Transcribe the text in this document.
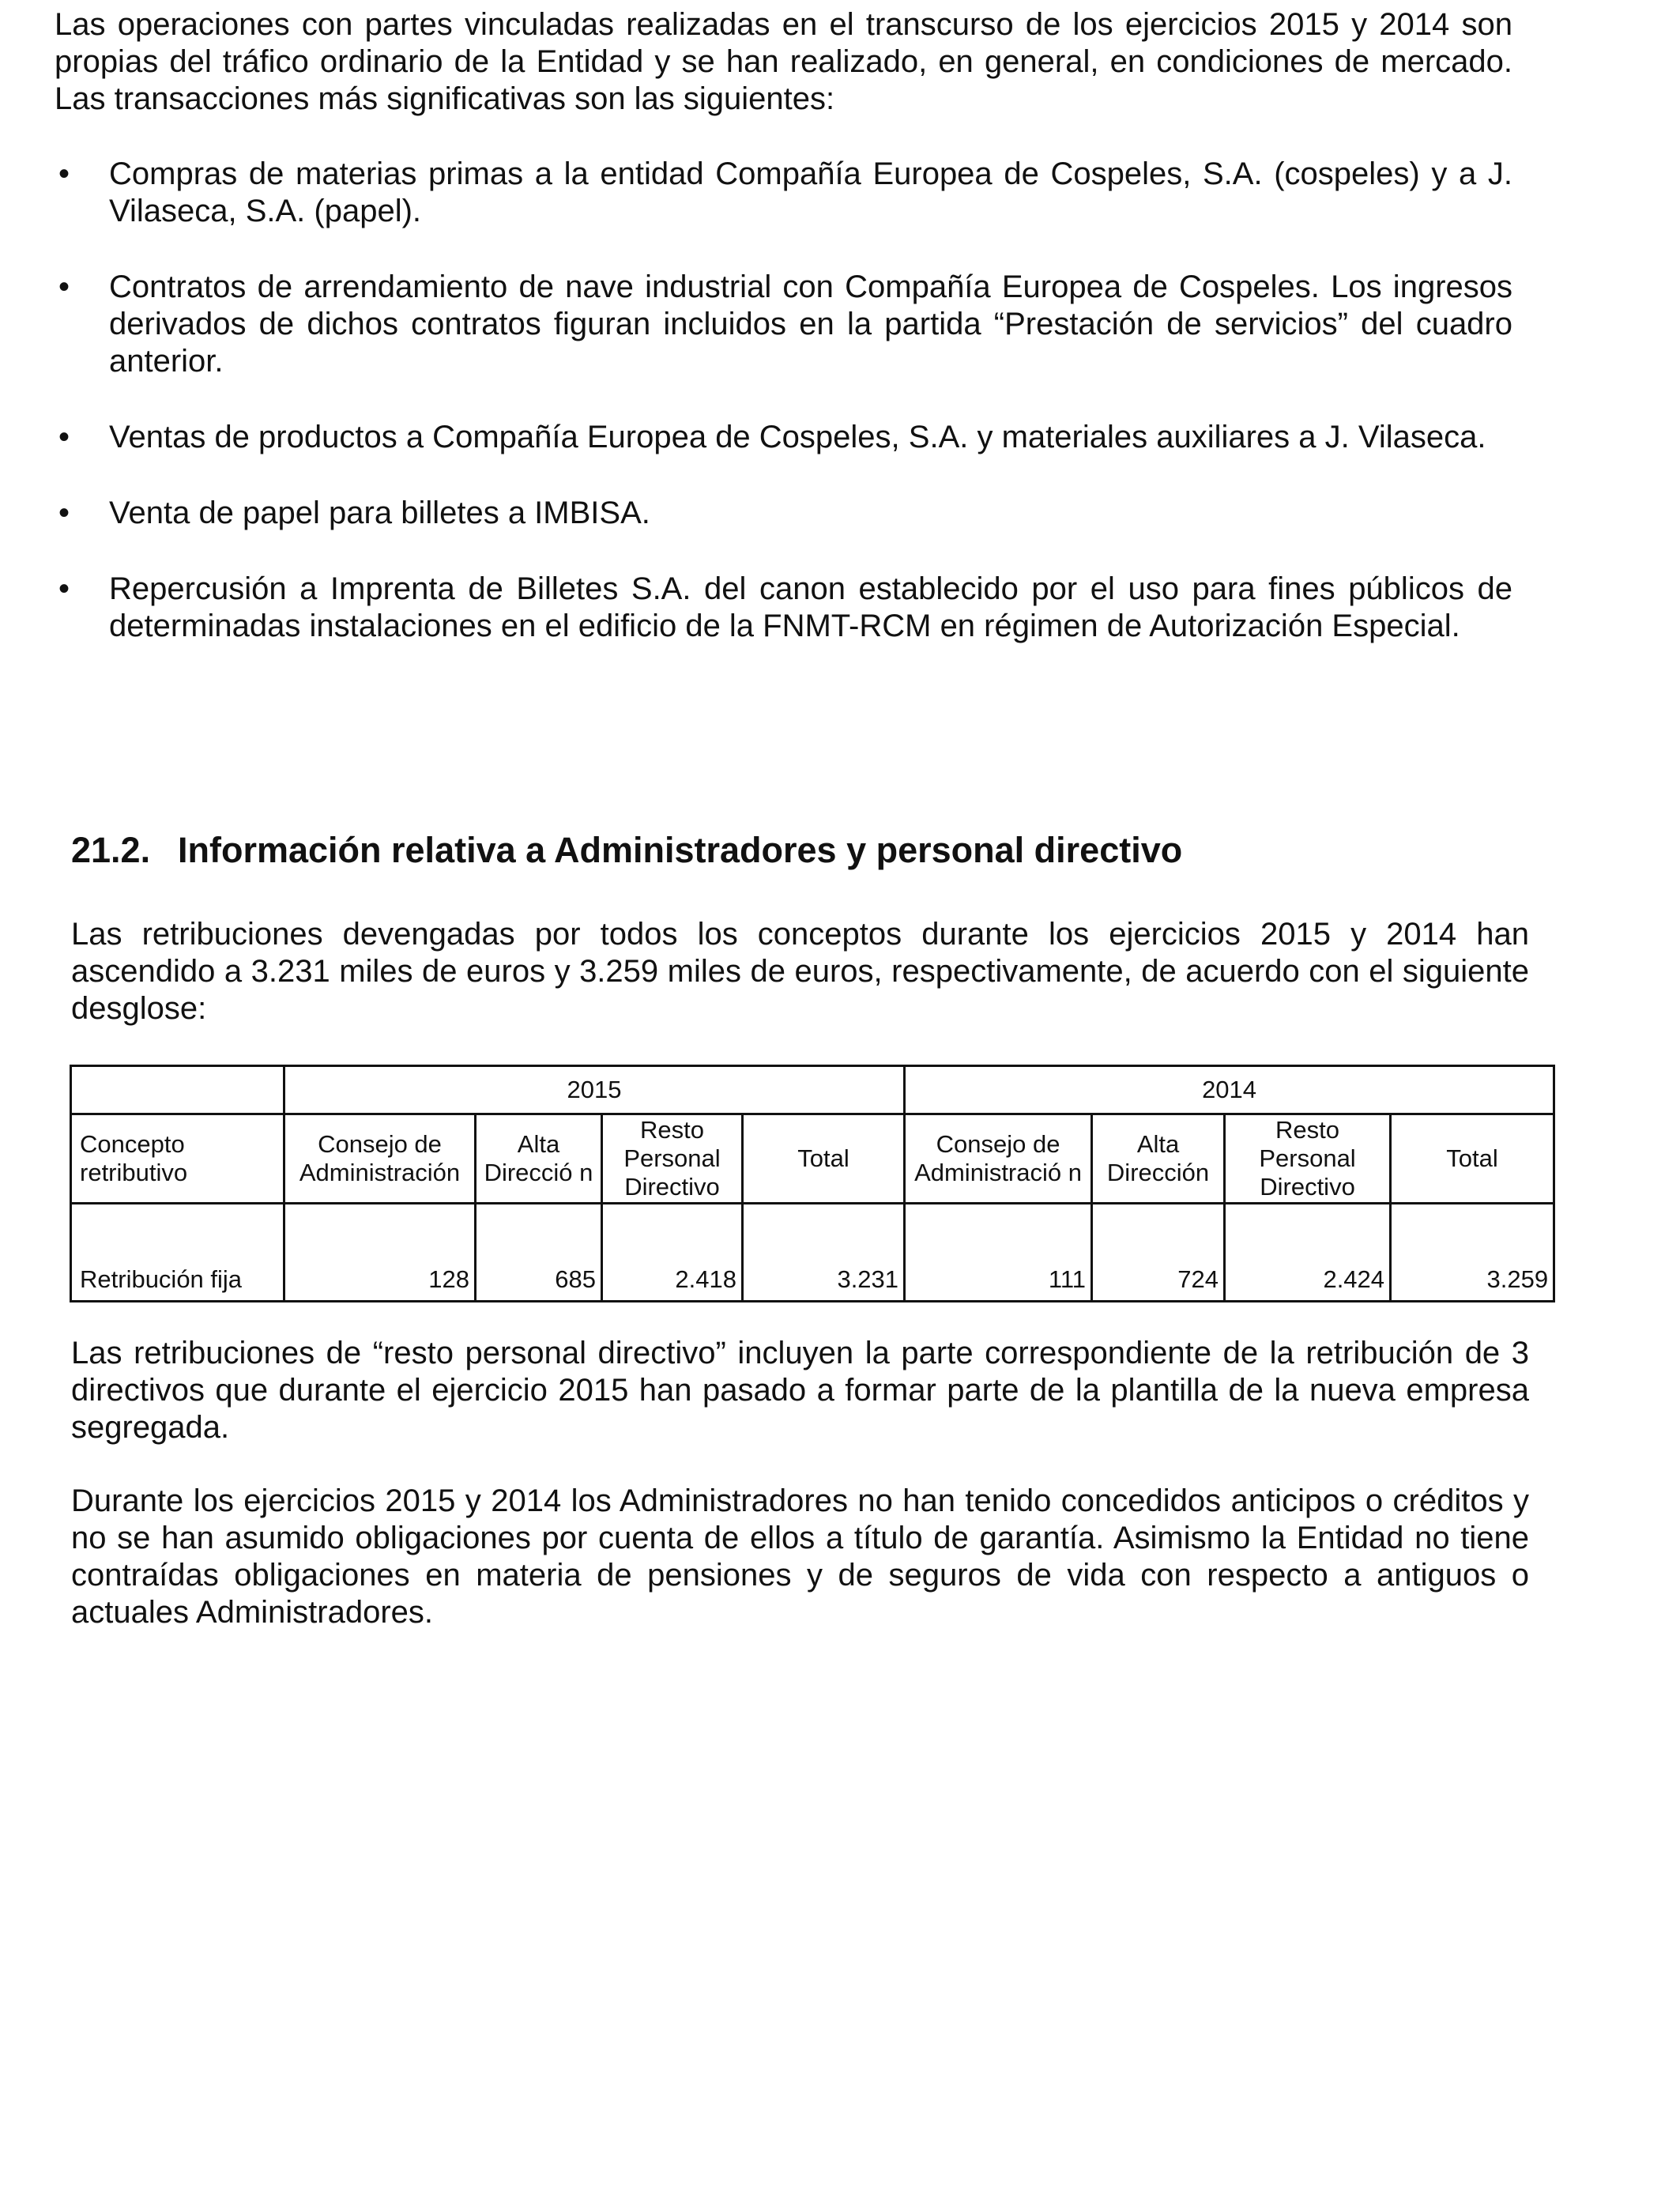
Las operaciones con partes vinculadas realizadas en el transcurso de los ejercicios 2015 y 2014 son propias del tráfico ordinario de la Entidad y se han realizado, en general, en condiciones de mercado. Las transacciones más significativas son las siguientes:

• Compras de materias primas a la entidad Compañía Europea de Cospeles, S.A. (cospeles) y a J. Vilaseca, S.A. (papel).
• Contratos de arrendamiento de nave industrial con Compañía Europea de Cospeles. Los ingresos derivados de dichos contratos figuran incluidos en la partida “Prestación de servicios” del cuadro anterior.
• Ventas de productos a Compañía Europea de Cospeles, S.A. y materiales auxiliares a J. Vilaseca.
• Venta de papel para billetes a IMBISA.
• Repercusión a Imprenta de Billetes S.A. del canon establecido por el uso para fines públicos de determinadas instalaciones en el edificio de la FNMT-RCM en régimen de Autorización Especial.
21.2. Información relativa a Administradores y personal directivo

Las retribuciones devengadas por todos los conceptos durante los ejercicios 2015 y 2014 han ascendido a 3.231 miles de euros y 3.259 miles de euros, respectivamente, de acuerdo con el siguiente desglose:

	2015				2014			
Concepto retributivo	Consejo de Administración	Alta Direcció n	Resto Personal Directivo	Total	Consejo de Administració n	Alta Dirección	Resto Personal Directivo	Total
Retribución fija	128	685	2.418	3.231	111	724	2.424	3.259

Las retribuciones de “resto personal directivo” incluyen la parte correspondiente de la retribución de 3 directivos que durante el ejercicio 2015 han pasado a formar parte de la plantilla de la nueva empresa segregada.

Durante los ejercicios 2015 y 2014 los Administradores no han tenido concedidos anticipos o créditos y no se han asumido obligaciones por cuenta de ellos a título de garantía. Asimismo la Entidad no tiene contraídas obligaciones en materia de pensiones y de seguros de vida con respecto a antiguos o actuales Administradores.
